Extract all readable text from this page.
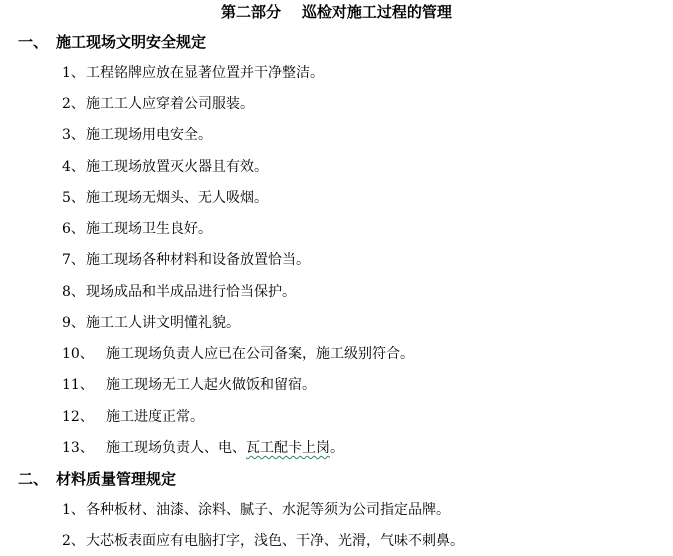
第二部分    巡检对施工过程的管理
一、 施工现场文明安全规定
1、工程铭牌应放在显著位置并干净整洁。
2、施工工人应穿着公司服装。
3、施工现场用电安全。
4、施工现场放置灭火器且有效。
5、施工现场无烟头、无人吸烟。
6、施工现场卫生良好。
7、施工现场各种材料和设备放置恰当。
8、现场成品和半成品进行恰当保护。
9、施工工人讲文明懂礼貌。
10、 施工现场负责人应已在公司备案，施工级别符合。
11、 施工现场无工人起火做饭和留宿。
12、 施工进度正常。
13、 施工现场负责人、电、瓦工配卡上岗。
二、 材料质量管理规定
1、各种板材、油漆、涂料、腻子、水泥等须为公司指定品牌。
2、大芯板表面应有电脑打字，浅色、干净、光滑，气味不刺鼻。
